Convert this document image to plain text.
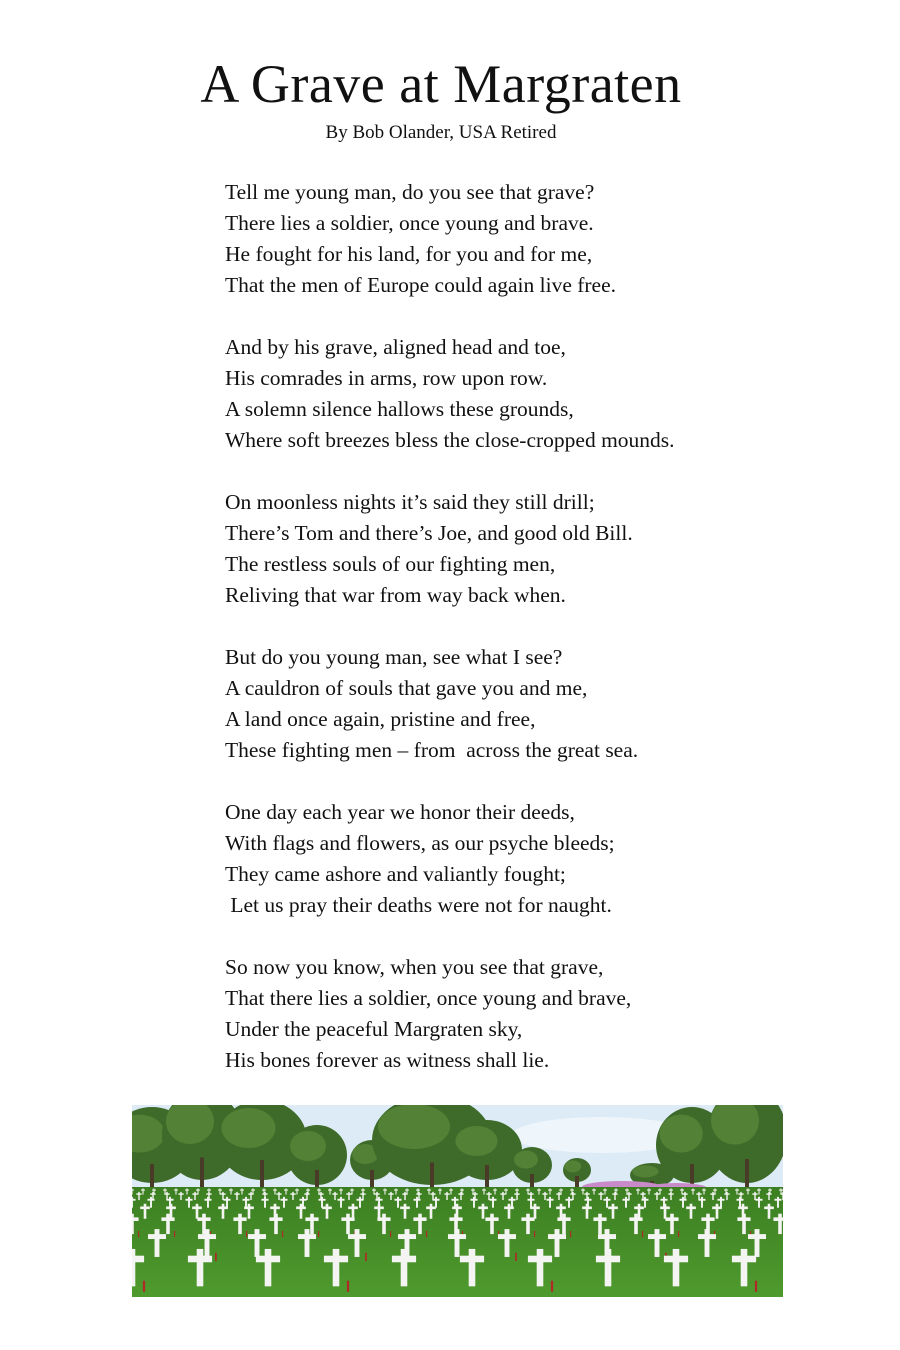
A Grave at Margraten
By Bob Olander, USA Retired
Tell me young man, do you see that grave?
There lies a soldier, once young and brave.
He fought for his land, for you and for me,
That the men of Europe could again live free.
And by his grave, aligned head and toe,
His comrades in arms, row upon row.
A solemn silence hallows these grounds,
Where soft breezes bless the close-cropped mounds.
On moonless nights it’s said they still drill;
There’s Tom and there’s Joe, and good old Bill.
The restless souls of our fighting men,
Reliving that war from way back when.
But do you young man, see what I see?
A cauldron of souls that gave you and me,
A land once again, pristine and free,
These fighting men – from  across the great sea.
One day each year we honor their deeds,
With flags and flowers, as our psyche bleeds;
They came ashore and valiantly fought;
Let us pray their deaths were not for naught.
So now you know, when you see that grave,
That there lies a soldier, once young and brave,
Under the peaceful Margraten sky,
His bones forever as witness shall lie.
